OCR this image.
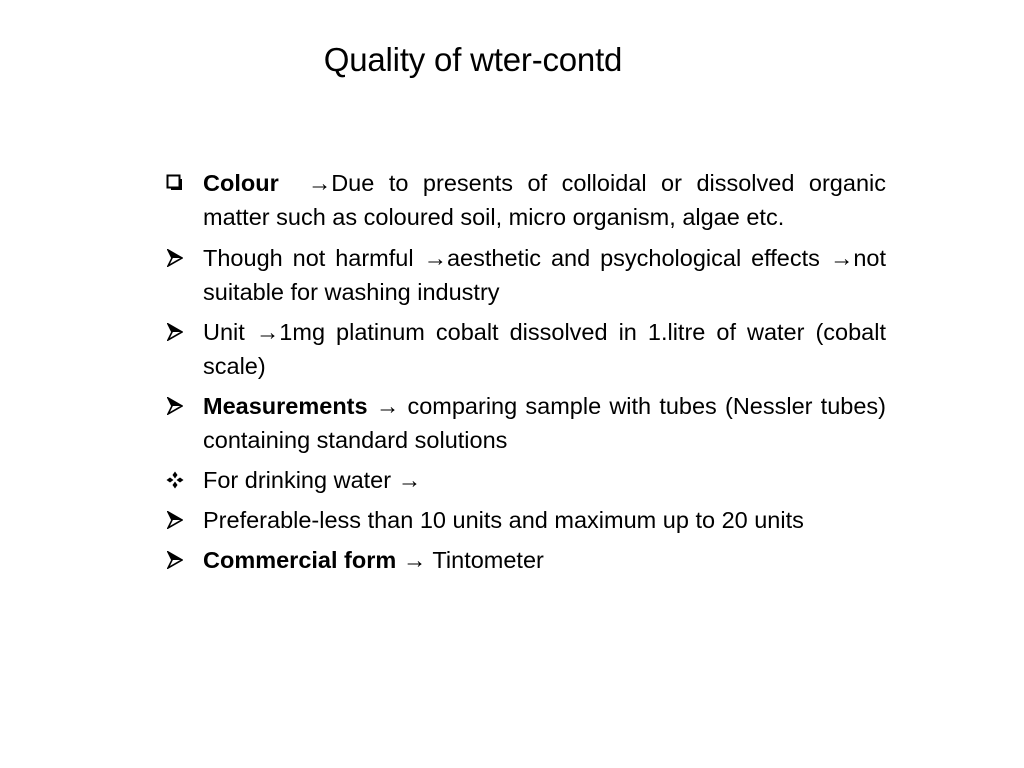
Quality of wter-contd
Colour  →Due to presents of colloidal or dissolved organic matter such as coloured soil, micro organism, algae etc.
Though not harmful →aesthetic and psychological effects →not suitable for washing industry
Unit →1mg platinum cobalt dissolved in 1.litre of water (cobalt scale)
Measurements → comparing sample with tubes (Nessler tubes) containing standard solutions
For drinking water →
Preferable-less than 10 units and maximum up to 20 units
Commercial form → Tintometer
